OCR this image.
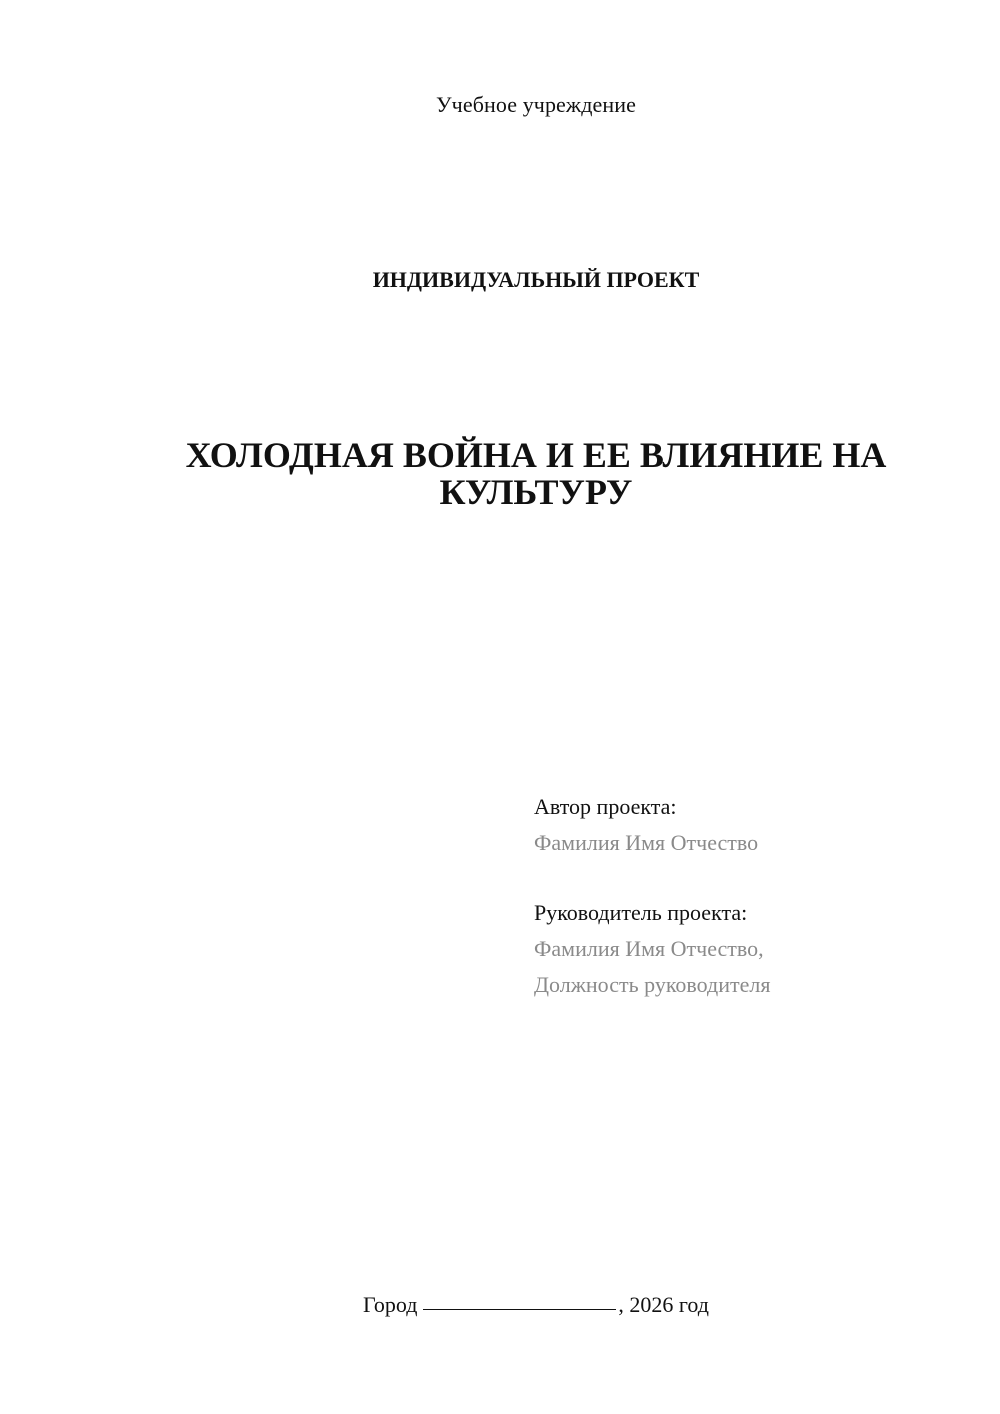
Учебное учреждение
ИНДИВИДУАЛЬНЫЙ ПРОЕКТ
ХОЛОДНАЯ ВОЙНА И ЕЕ ВЛИЯНИЕ НА
КУЛЬТУРУ
Автор проекта:
Фамилия Имя Отчество
Руководитель проекта:
Фамилия Имя Отчество,
Должность руководителя
Город	, 2026 год
